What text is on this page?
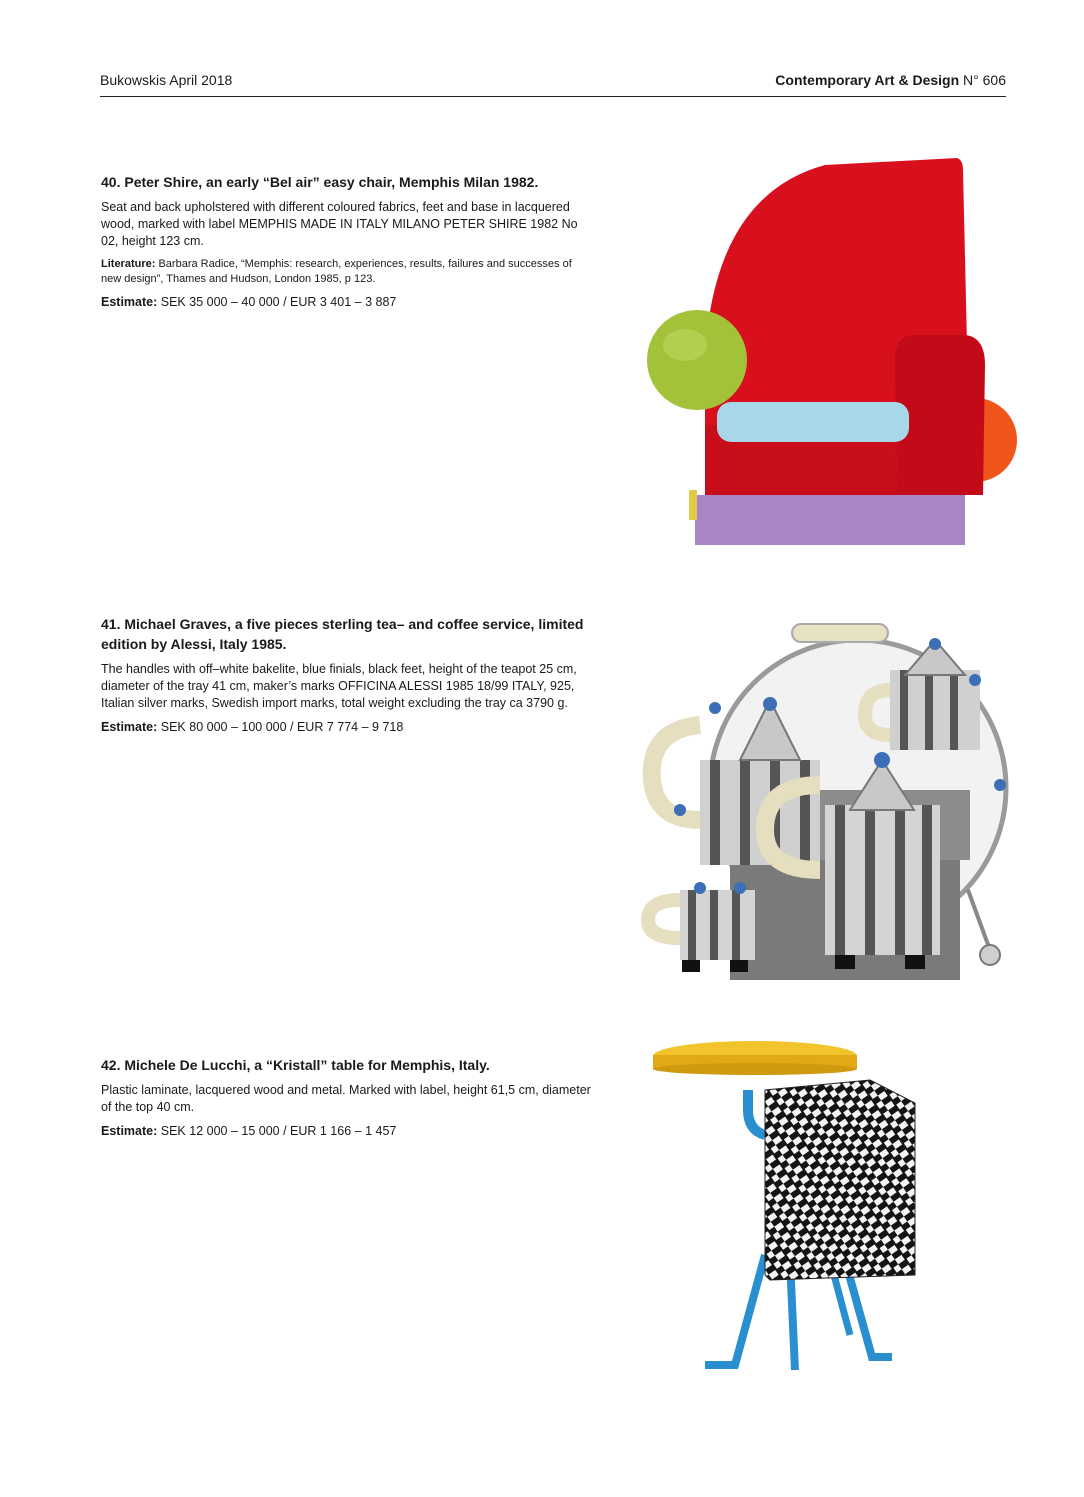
Bukowskis April 2018	Contemporary Art & Design N° 606

40. Peter Shire, an early “Bel air” easy chair, Memphis Milan 1982.

Seat and back upholstered with different coloured fabrics, feet and base in lacquered wood, marked with label MEMPHIS MADE IN ITALY MILANO PETER SHIRE 1982 No 02, height 123 cm.

Literature: Barbara Radice, “Memphis: research, experiences, results, failures and successes of new design”, Thames and Hudson, London 1985, p 123.

Estimate: SEK 35 000 – 40 000 / EUR 3 401 – 3 887

41. Michael Graves, a five pieces sterling tea– and coffee service, limited edition by Alessi, Italy 1985.

The handles with off–white bakelite, blue finials, black feet, height of the teapot 25 cm, diameter of the tray 41 cm, maker’s marks OFFICINA ALESSI 1985 18/99 ITALY, 925, Italian silver marks, Swedish import marks, total weight excluding the tray ca 3790 g.

Estimate: SEK 80 000 – 100 000 / EUR 7 774 – 9 718

42. Michele De Lucchi, a “Kristall” table for Memphis, Italy.

Plastic laminate, lacquered wood and metal. Marked with label, height 61,5 cm, diameter of the top 40 cm.

Estimate: SEK 12 000 – 15 000 / EUR 1 166 – 1 457
